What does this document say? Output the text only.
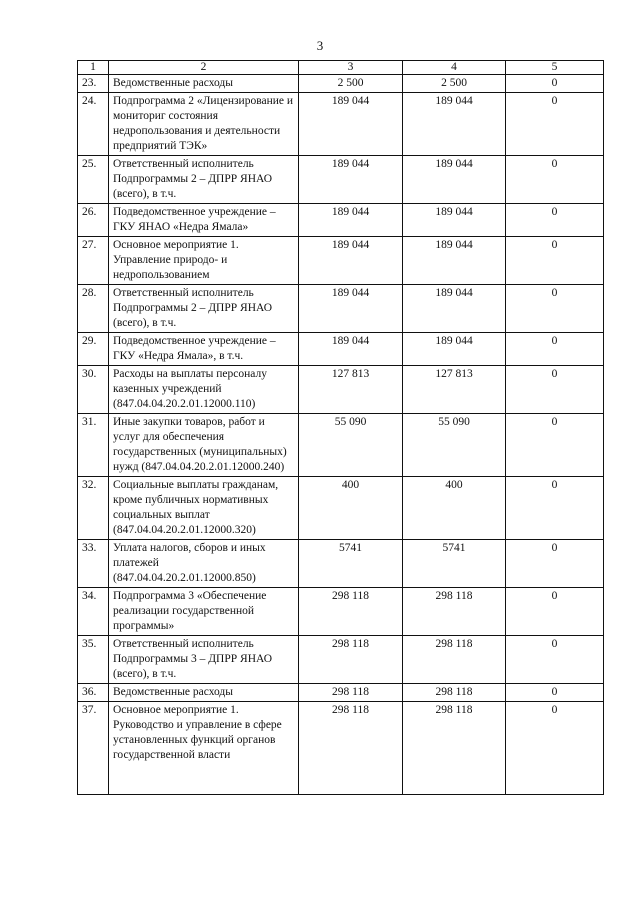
3
1	2	3	4	5
23.	Ведомственные расходы	2 500	2 500	0
24.	Подпрограмма 2 «Лицензирование и мониториг состояния недропользования и деятельности предприятий ТЭК»	189 044	189 044	0
25.	Ответственный исполнитель Подпрограммы 2 – ДПРР ЯНАО (всего), в т.ч.	189 044	189 044	0
26.	Подведомственное учреждение – ГКУ ЯНАО «Недра Ямала»	189 044	189 044	0
27.	Основное мероприятие 1. Управление природо- и недропользованием	189 044	189 044	0
28.	Ответственный исполнитель Подпрограммы 2 – ДПРР ЯНАО (всего), в т.ч.	189 044	189 044	0
29.	Подведомственное учреждение – ГКУ «Недра Ямала», в т.ч.	189 044	189 044	0
30.	Расходы на выплаты персоналу казенных учреждений (847.04.04.20.2.01.12000.110)	127 813	127 813	0
31.	Иные закупки товаров, работ и услуг для обеспечения государственных (муниципальных) нужд (847.04.04.20.2.01.12000.240)	55 090	55 090	0
32.	Социальные выплаты гражданам, кроме публичных нормативных социальных выплат (847.04.04.20.2.01.12000.320)	400	400	0
33.	Уплата налогов, сборов и иных платежей (847.04.04.20.2.01.12000.850)	5741	5741	0
34.	Подпрограмма 3 «Обеспечение реализации государственной программы»	298 118	298 118	0
35.	Ответственный исполнитель Подпрограммы 3 – ДПРР ЯНАО (всего), в т.ч.	298 118	298 118	0
36.	Ведомственные расходы	298 118	298 118	0
37.	Основное мероприятие 1. Руководство и управление в сфере установленных функций органов государственной власти	298 118	298 118	0
